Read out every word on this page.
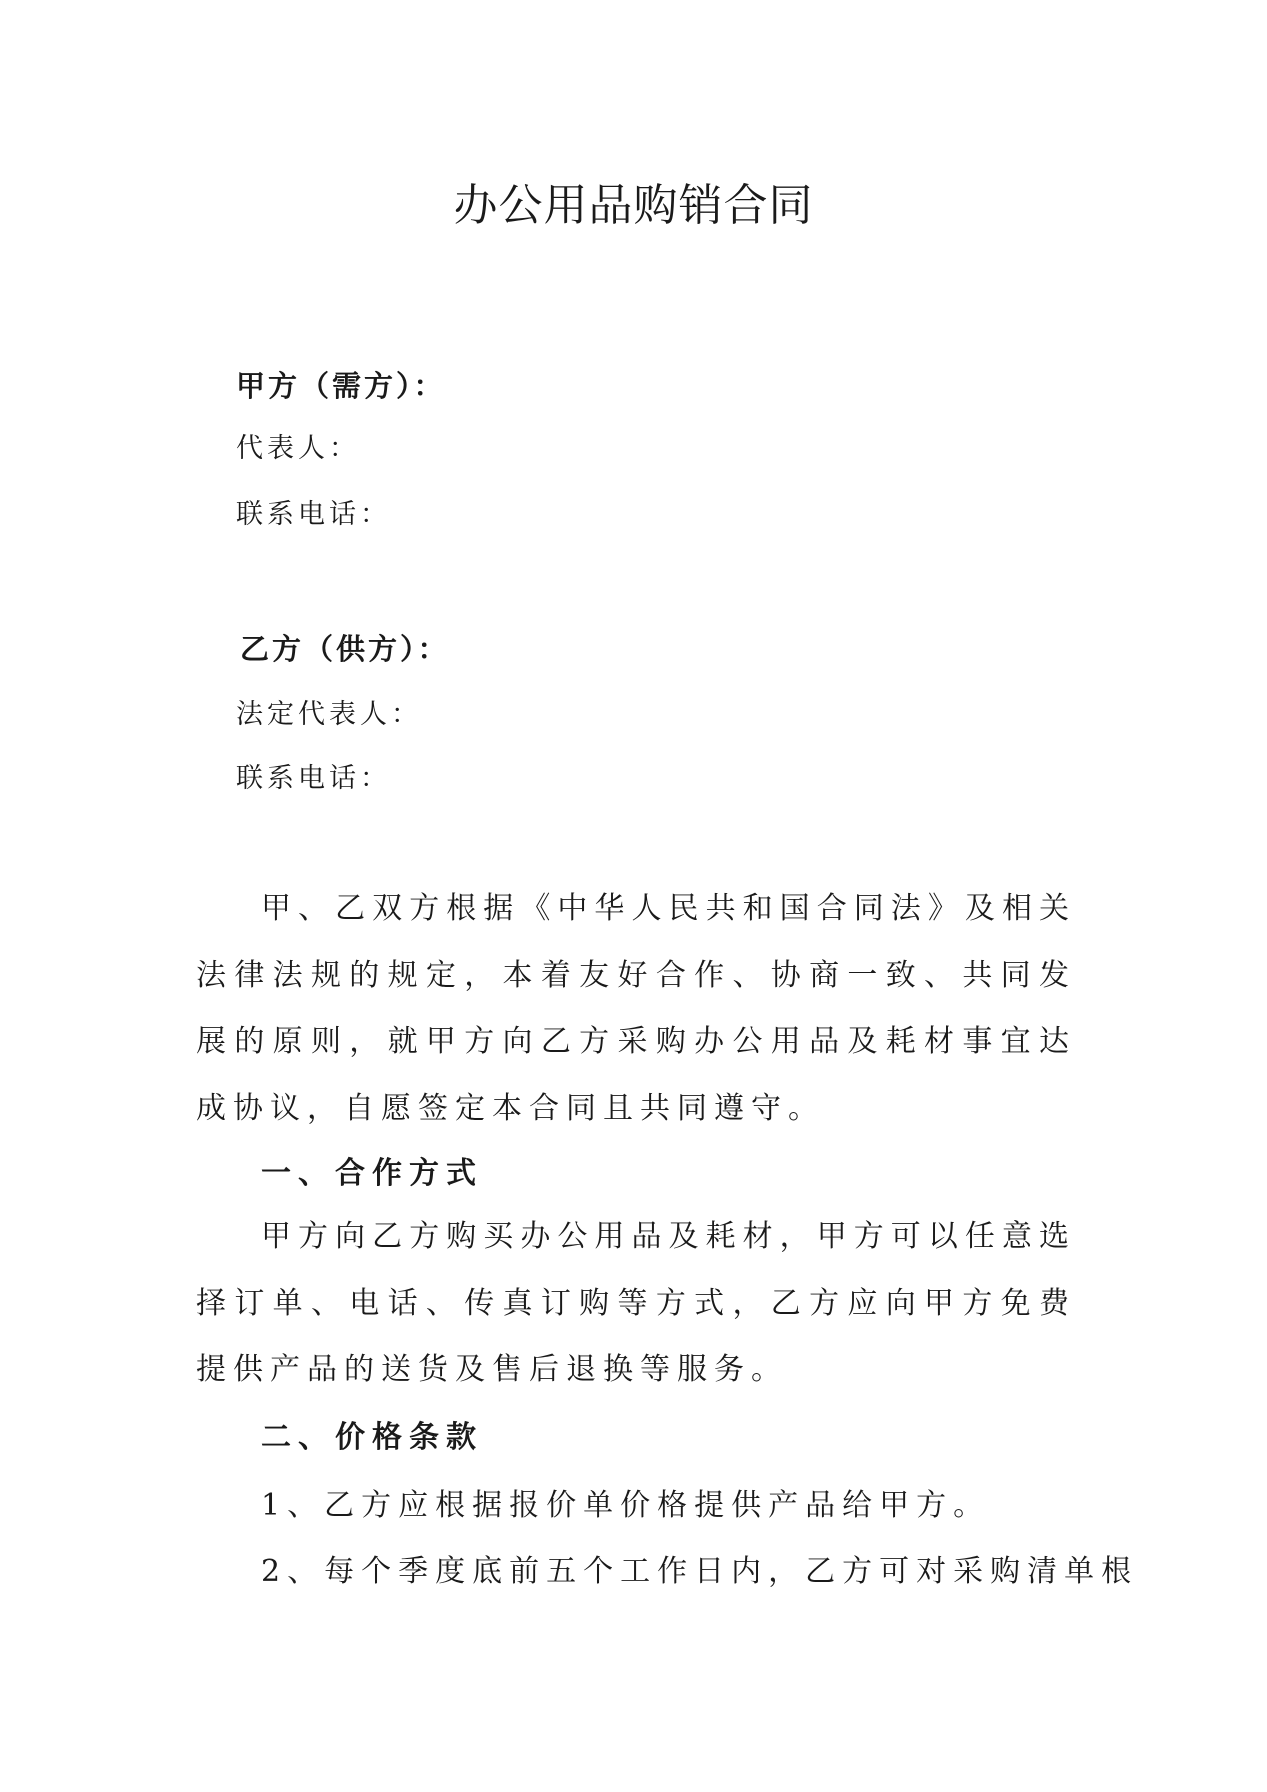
办公用品购销合同
甲方（需方）：
代表人：
联系电话：
乙方（供方）：
法定代表人：
联系电话：

甲、乙双方根据《中华人民共和国合同法》及相关法律法规的规定，本着友好合作、协商一致、共同发展的原则，就甲方向乙方采购办公用品及耗材事宜达成协议，自愿签定本合同且共同遵守。

一、合作方式

甲方向乙方购买办公用品及耗材，甲方可以任意选择订单、电话、传真订购等方式，乙方应向甲方免费提供产品的送货及售后退换等服务。

二、价格条款
1、乙方应根据报价单价格提供产品给甲方。
2、每个季度底前五个工作日内，乙方可对采购清单根
